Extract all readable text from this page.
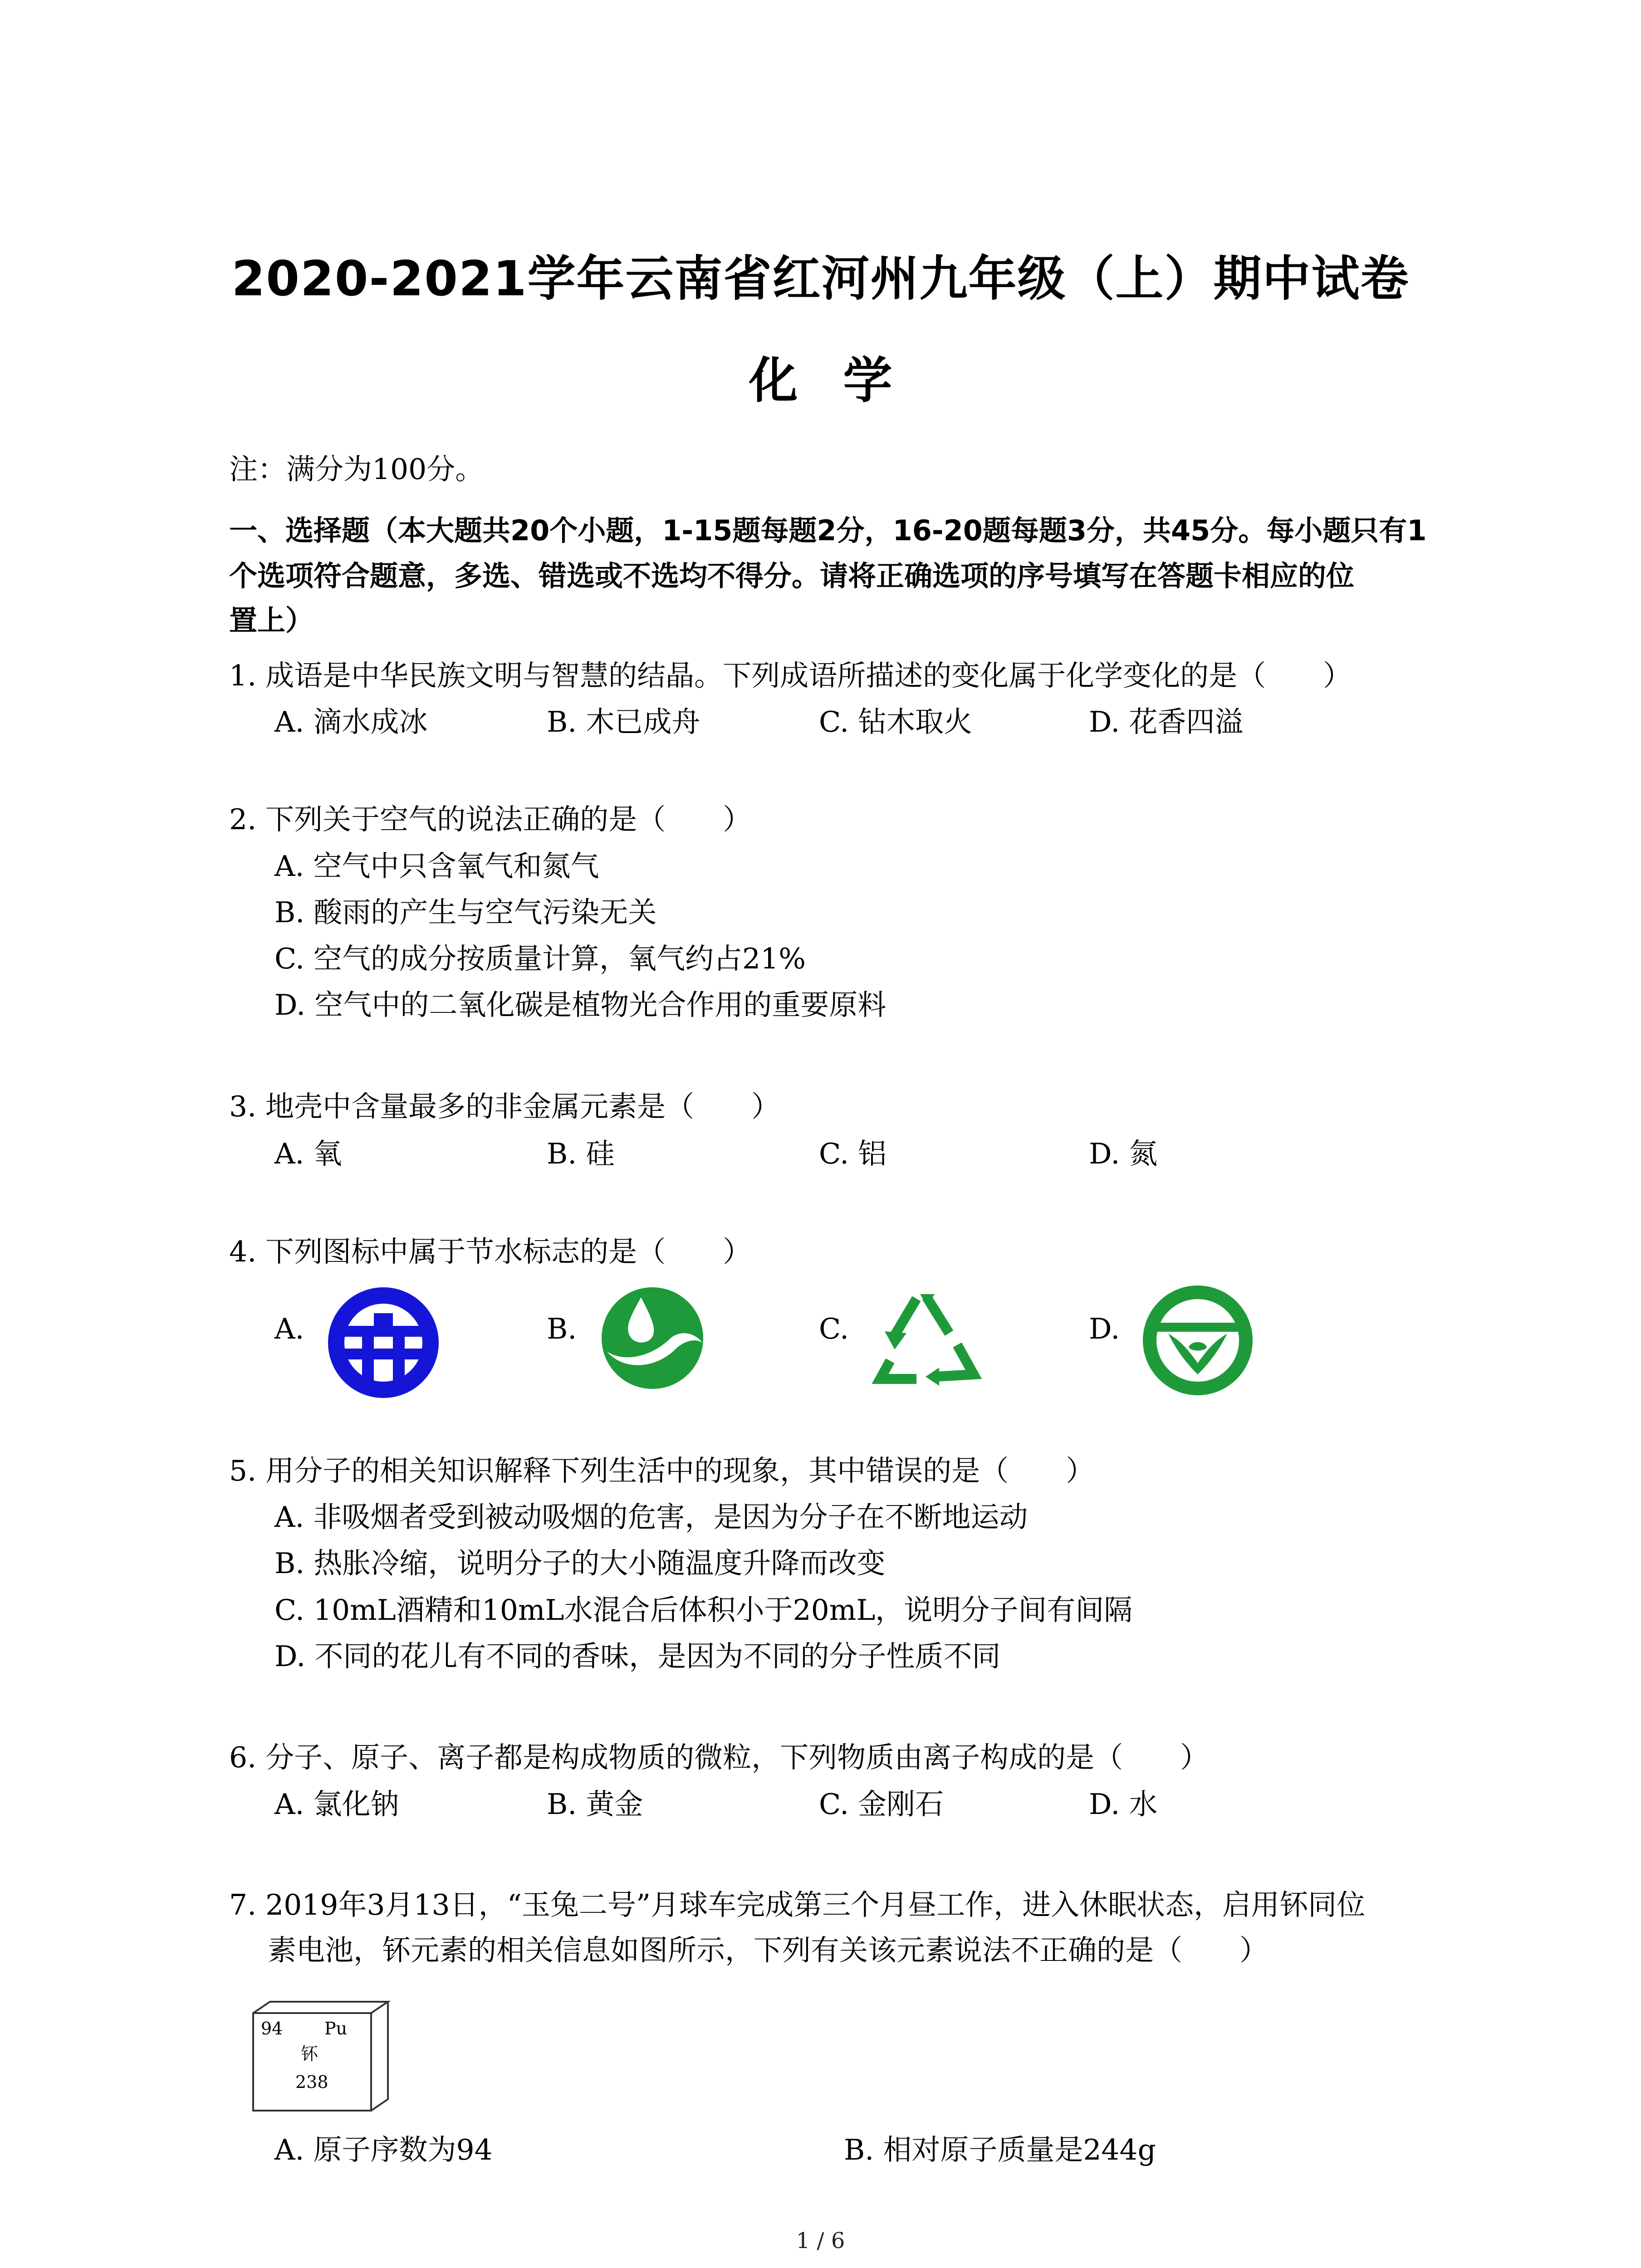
2020-2021学年云南省红河州九年级（上）期中试卷
化学
注：满分为100分。
一、选择题（本大题共20个小题，1-15题每题2分，16-20题每题3分，共45分。每小题只有1
个选项符合题意，多选、错选或不选均不得分。请将正确选项的序号填写在答题卡相应的位
置上）
1. 成语是中华民族文明与智慧的结晶。下列成语所描述的变化属于化学变化的是（　　）
A. 滴水成冰	B. 木已成舟	C. 钻木取火	D. 花香四溢
2. 下列关于空气的说法正确的是（　　）
A. 空气中只含氧气和氮气
B. 酸雨的产生与空气污染无关
C. 空气的成分按质量计算，氧气约占21%
D. 空气中的二氧化碳是植物光合作用的重要原料
3. 地壳中含量最多的非金属元素是（　　）
A. 氧	B. 硅	C. 铝	D. 氮
4. 下列图标中属于节水标志的是（　　）
A.	B.	C.	D.
5. 用分子的相关知识解释下列生活中的现象，其中错误的是（　　）
A. 非吸烟者受到被动吸烟的危害，是因为分子在不断地运动
B. 热胀冷缩，说明分子的大小随温度升降而改变
C. 10mL酒精和10mL水混合后体积小于20mL，说明分子间有间隔
D. 不同的花儿有不同的香味，是因为不同的分子性质不同
6. 分子、原子、离子都是构成物质的微粒，下列物质由离子构成的是（　　）
A. 氯化钠	B. 黄金	C. 金刚石	D. 水
7. 2019年3月13日，“玉兔二号”月球车完成第三个月昼工作，进入休眠状态，启用钚同位
素电池，钚元素的相关信息如图所示，下列有关该元素说法不正确的是（　　）
94 Pu
钚
238
A. 原子序数为94	B. 相对原子质量是244g
1 / 6
